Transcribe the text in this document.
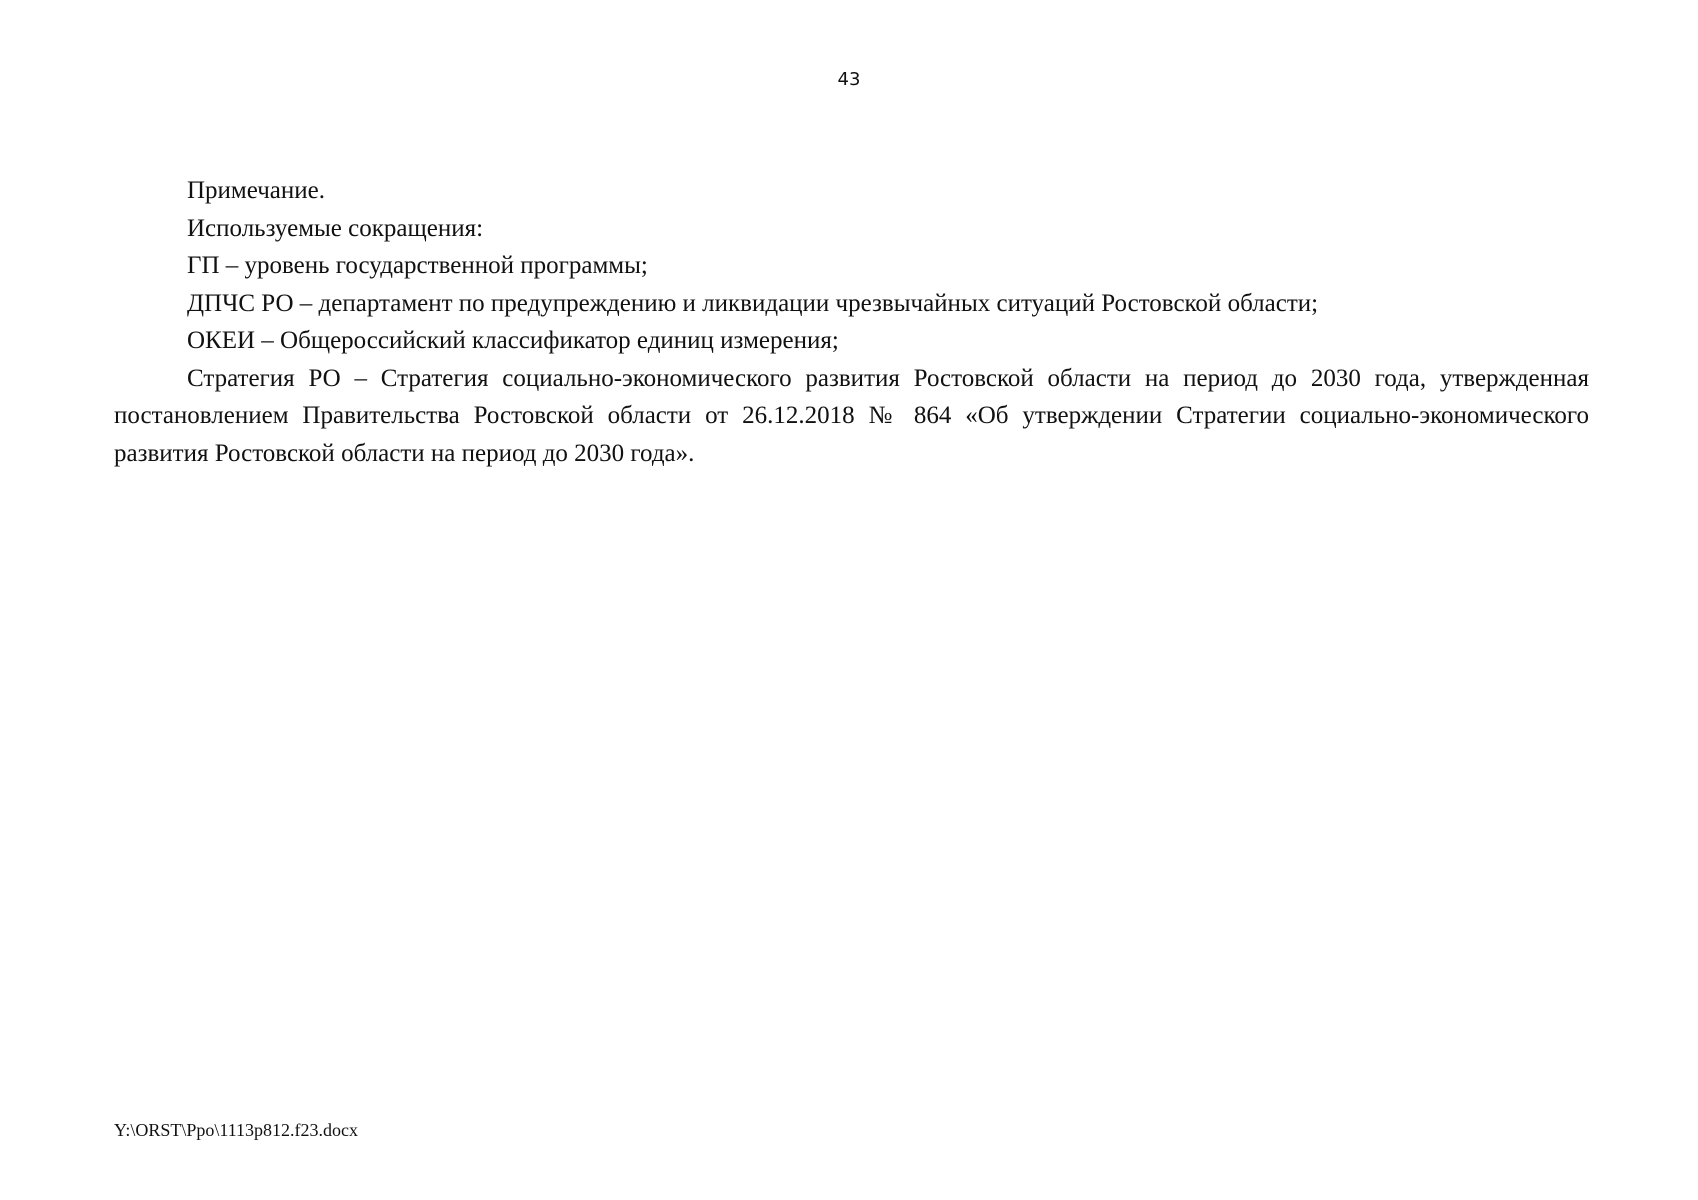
43

Примечание.

Используемые сокращения:

ГП – уровень государственной программы;

ДПЧС РО – департамент по предупреждению и ликвидации чрезвычайных ситуаций Ростовской области;

ОКЕИ – Общероссийский классификатор единиц измерения;

Стратегия РО – Стратегия социально-экономического развития Ростовской области на период до 2030 года, утвержденная постановлением Правительства Ростовской области от 26.12.2018 № 864 «Об утверждении Стратегии социально-экономического развития Ростовской области на период до 2030 года».

Y:\ORST\Ppo\1113p812.f23.docx
